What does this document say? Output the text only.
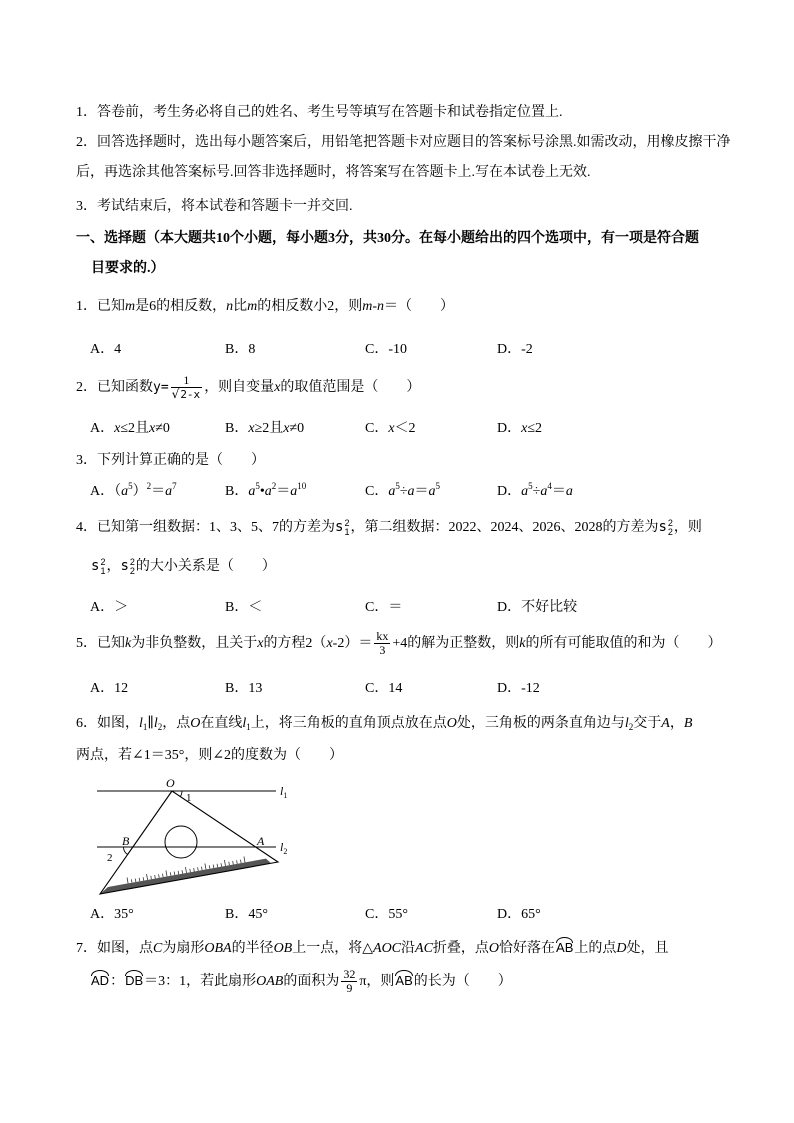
1．答卷前，考生务必将自己的姓名、考生号等填写在答题卡和试卷指定位置上.
2．回答选择题时，选出每小题答案后，用铅笔把答题卡对应题目的答案标号涂黑.如需改动，用橡皮擦干净
后，再选涂其他答案标号.回答非选择题时，将答案写在答题卡上.写在本试卷上无效.
3．考试结束后，将本试卷和答题卡一并交回.
一、选择题（本大题共10个小题，每小题3分，共30分。在每小题给出的四个选项中，有一项是符合题
目要求的.）
1．已知m是6的相反数，n比m的相反数小2，则m-n＝（　　）
A．4	B．8	C．-10	D．-2
2．已知函数$y= \frac{1}{√2-x}$ ，则自变量x的取值范围是（　　）
A．x≤2且x≠0	B．x≥2且x≠0	C．x＜2	D．x≤2
3．下列计算正确的是（　　）
A．$(a^5)^2=a^7$	B．$a^5•a^2=a^{10}$	C．$a^5\div a=a^5$	D．$a^5\div a^4=a$
4．已知第一组数据：1、3、5、7的方差为s 2
1 ，第二组数据：2022、2024、2026、2028的方差为s 2
2 ，则
s 2
1 ，s 2
2 的大小关系是（　　）
A．＞	B．＜	C．＝	D．不好比较
5．已知k为非负整数，且关于x的方程$2(x-2)= \frac{kx}{3} +4$的解为正整数，则k的所有可能取值的和为（　　）
A．12	B．13	C．14	D．-12
6．如图，$l_1\parallel l_2$，点O在直线$l_1$上，将三角板的直角顶点放在点O处，三角板的两条直角边与$l_2$交于A，B
两点，若∠1＝35°，则∠2的度数为（　　）
O
1
B	A
2
$l_1$
$l_2$
A．35°	B．45°	C．55°	D．65°
7．如图，点C为扇形OBA的半径OB上一点，将△AOC沿AC折叠，点O恰好落在AB上的点D处，且
AD：DB＝3：1，若此扇形OAB的面积为 $\frac{32}{9}$ π，则AB的长为（　　）
